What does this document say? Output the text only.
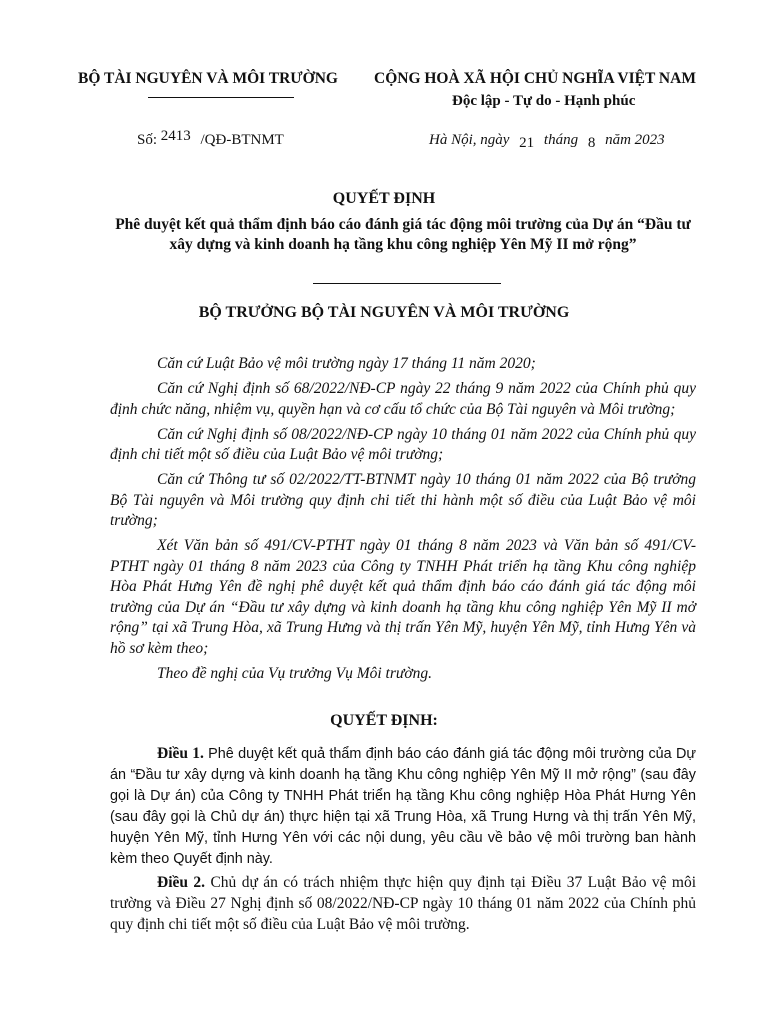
BỘ TÀI NGUYÊN VÀ MÔI TRƯỜNG	CỘNG HOÀ XÃ HỘI CHỦ NGHĨA VIỆT NAM
Độc lập - Tự do - Hạnh phúc
Số: 2413 /QĐ-BTNMT	Hà Nội, ngày 21 tháng 8 năm 2023
QUYẾT ĐỊNH
Phê duyệt kết quả thẩm định báo cáo đánh giá tác động môi trường của Dự án “Đầu tư xây dựng và kinh doanh hạ tầng khu công nghiệp Yên Mỹ II mở rộng”
BỘ TRƯỞNG BỘ TÀI NGUYÊN VÀ MÔI TRƯỜNG

Căn cứ Luật Bảo vệ môi trường ngày 17 tháng 11 năm 2020;

Căn cứ Nghị định số 68/2022/NĐ-CP ngày 22 tháng 9 năm 2022 của Chính phủ quy định chức năng, nhiệm vụ, quyền hạn và cơ cấu tổ chức của Bộ Tài nguyên và Môi trường;

Căn cứ Nghị định số 08/2022/NĐ-CP ngày 10 tháng 01 năm 2022 của Chính phủ quy định chi tiết một số điều của Luật Bảo vệ môi trường;

Căn cứ Thông tư số 02/2022/TT-BTNMT ngày 10 tháng 01 năm 2022 của Bộ trưởng Bộ Tài nguyên và Môi trường quy định chi tiết thi hành một số điều của Luật Bảo vệ môi trường;

Xét Văn bản số 491/CV-PTHT ngày 01 tháng 8 năm 2023 và Văn bản số 491/CV-PTHT ngày 01 tháng 8 năm 2023 của Công ty TNHH Phát triển hạ tầng Khu công nghiệp Hòa Phát Hưng Yên đề nghị phê duyệt kết quả thẩm định báo cáo đánh giá tác động môi trường của Dự án “Đầu tư xây dựng và kinh doanh hạ tầng khu công nghiệp Yên Mỹ II mở rộng” tại xã Trung Hòa, xã Trung Hưng và thị trấn Yên Mỹ, huyện Yên Mỹ, tỉnh Hưng Yên và hồ sơ kèm theo;

Theo đề nghị của Vụ trưởng Vụ Môi trường.

QUYẾT ĐỊNH:

Điều 1. Phê duyệt kết quả thẩm định báo cáo đánh giá tác động môi trường của Dự án “Đầu tư xây dựng và kinh doanh hạ tầng Khu công nghiệp Yên Mỹ II mở rộng” (sau đây gọi là Dự án) của Công ty TNHH Phát triển hạ tầng Khu công nghiệp Hòa Phát Hưng Yên (sau đây gọi là Chủ dự án) thực hiện tại xã Trung Hòa, xã Trung Hưng và thị trấn Yên Mỹ, huyện Yên Mỹ, tỉnh Hưng Yên với các nội dung, yêu cầu về bảo vệ môi trường ban hành kèm theo Quyết định này.

Điều 2. Chủ dự án có trách nhiệm thực hiện quy định tại Điều 37 Luật Bảo vệ môi trường và Điều 27 Nghị định số 08/2022/NĐ-CP ngày 10 tháng 01 năm 2022 của Chính phủ quy định chi tiết một số điều của Luật Bảo vệ môi trường.
